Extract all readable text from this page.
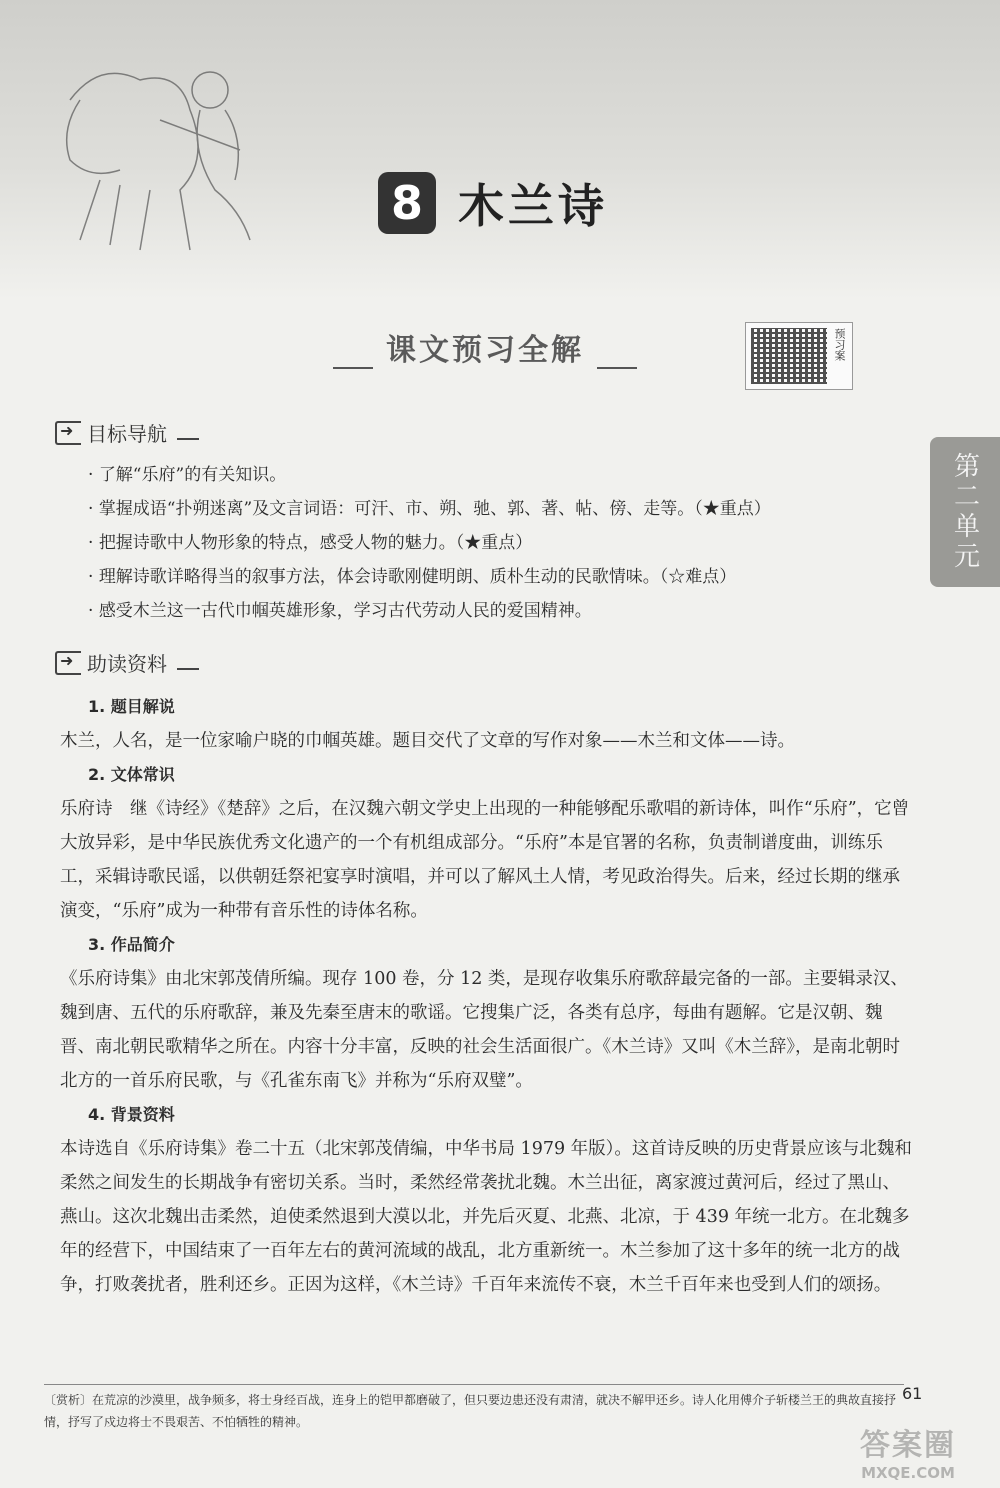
8 木兰诗
课文预习全解	预习案
第二单元
➜
目标导航
· 了解“乐府”的有关知识。
· 掌握成语“扑朔迷离”及文言词语：可汗、市、朔、驰、郭、著、帖、傍、走等。（★重点）
· 把握诗歌中人物形象的特点，感受人物的魅力。（★重点）
· 理解诗歌详略得当的叙事方法，体会诗歌刚健明朗、质朴生动的民歌情味。（☆难点）
· 感受木兰这一古代巾帼英雄形象，学习古代劳动人民的爱国精神。
➜
助读资料
1. 题目解说

木兰，人名，是一位家喻户晓的巾帼英雄。题目交代了文章的写作对象——木兰和文体——诗。

2. 文体常识

乐府诗　继《诗经》《楚辞》之后，在汉魏六朝文学史上出现的一种能够配乐歌唱的新诗体，叫作“乐府”，它曾大放异彩，是中华民族优秀文化遗产的一个有机组成部分。“乐府”本是官署的名称，负责制谱度曲，训练乐工，采辑诗歌民谣，以供朝廷祭祀宴享时演唱，并可以了解风土人情，考见政治得失。后来，经过长期的继承演变，“乐府”成为一种带有音乐性的诗体名称。

3. 作品简介

《乐府诗集》由北宋郭茂倩所编。现存 100 卷，分 12 类，是现存收集乐府歌辞最完备的一部。主要辑录汉、魏到唐、五代的乐府歌辞，兼及先秦至唐末的歌谣。它搜集广泛，各类有总序，每曲有题解。它是汉朝、魏晋、南北朝民歌精华之所在。内容十分丰富，反映的社会生活面很广。《木兰诗》又叫《木兰辞》，是南北朝时北方的一首乐府民歌，与《孔雀东南飞》并称为“乐府双璧”。

4. 背景资料

本诗选自《乐府诗集》卷二十五（北宋郭茂倩编，中华书局 1979 年版）。这首诗反映的历史背景应该与北魏和柔然之间发生的长期战争有密切关系。当时，柔然经常袭扰北魏。木兰出征，离家渡过黄河后，经过了黑山、燕山。这次北魏出击柔然，迫使柔然退到大漠以北，并先后灭夏、北燕、北凉，于 439 年统一北方。在北魏多年的经营下，中国结束了一百年左右的黄河流域的战乱，北方重新统一。木兰参加了这十多年的统一北方的战争，打败袭扰者，胜利还乡。正因为这样，《木兰诗》千百年来流传不衰，木兰千百年来也受到人们的颂扬。

〔赏析〕在荒凉的沙漠里，战争频多，将士身经百战，连身上的铠甲都磨破了，但只要边患还没有肃清，就决不解甲还乡。诗人化用傅介子斩楼兰王的典故直接抒情，抒写了戍边将士不畏艰苦、不怕牺牲的精神。
61
答案圈
MXQE.COM
